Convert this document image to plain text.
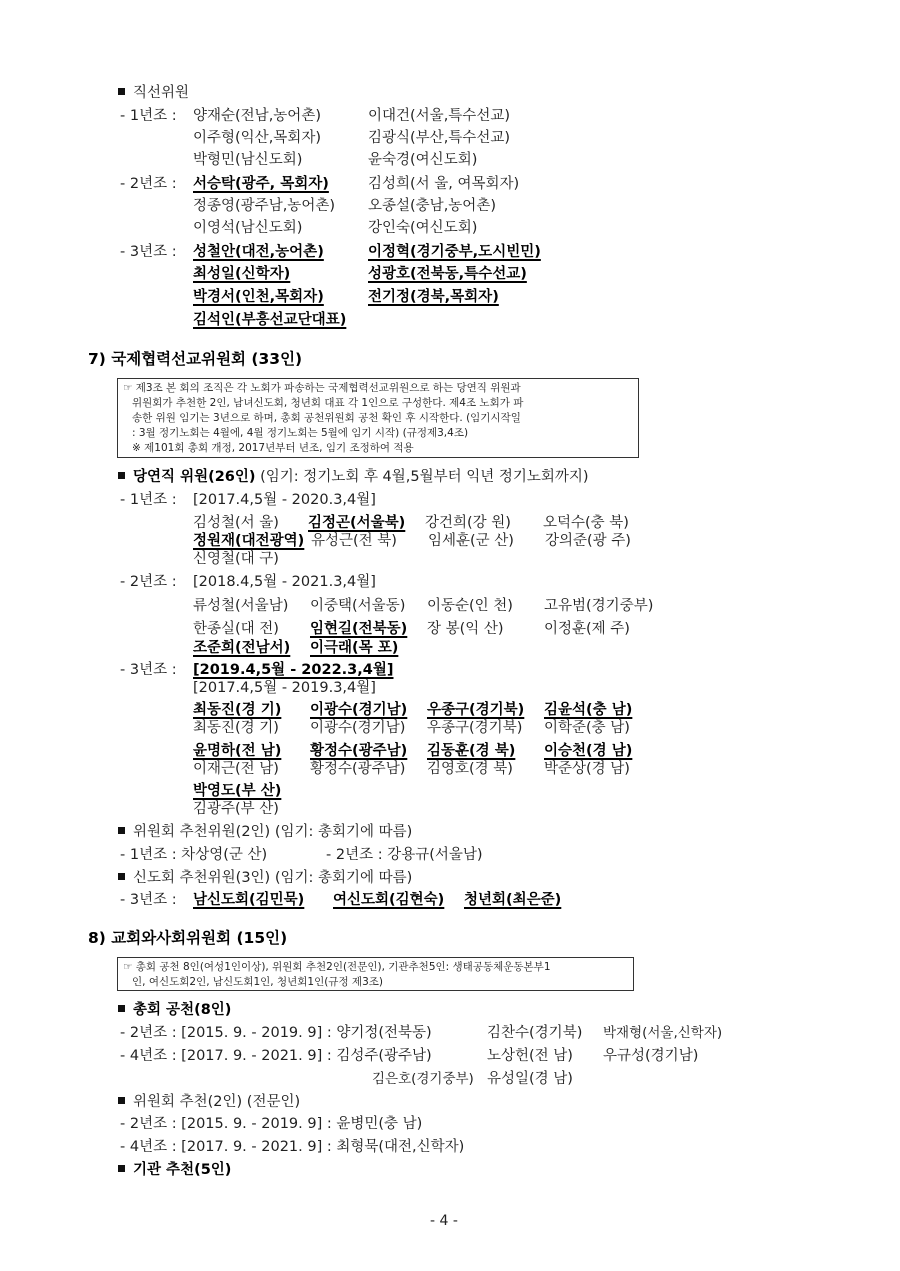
직선위원
- 1년조 : 양재순(전남,농어촌)	이대건(서울,특수선교)
이주형(익산,목회자)	김광식(부산,특수선교)
박형민(남신도회)	윤숙경(여신도회)
- 2년조 : 서승탁(광주, 목회자)	김성희(서 울, 여목회자)
정종영(광주남,농어촌) 오종설(충남,농어촌)
이영석(남신도회)	강인숙(여신도회)
- 3년조 : 성철안(대전,농어촌)	이정혁(경기중부,도시빈민)
최성일(신학자)	성광호(전북동,특수선교)
박경서(인천,목회자)	전기정(경북,목회자)
김석인(부흥선교단대표)
7) 국제협력선교위원회 (33인)
☞ 제3조 본 회의 조직은 각 노회가 파송하는 국제협력선교위원으로 하는 당연직 위원과
위원회가 추천한 2인, 남녀신도회, 청년회 대표 각 1인으로 구성한다. 제4조 노회가 파
송한 위원 임기는 3년으로 하며, 총회 공천위원회 공천 확인 후 시작한다. (임기시작일
: 3월 정기노회는 4월에, 4월 정기노회는 5월에 임기 시작) (규정제3,4조)
※ 제101회 총회 개정, 2017년부터 년조, 임기 조정하여 적용
당연직 위원(26인) (임기: 정기노회 후 4월,5월부터 익년 정기노회까지)
- 1년조 : [2017.4,5월 - 2020.3,4월]
김성철(서 울) 김정곤(서울북) 강건희(강 원) 오덕수(충 북)
정원재(대전광역) 유성근(전 북) 임세훈(군 산) 강의준(광 주)
신영철(대 구)
- 2년조 : [2018.4,5월 - 2021.3,4월]
류성철(서울남) 이중택(서울동) 이동순(인 천) 고유범(경기중부)
한종실(대 전) 임현길(전북동) 장 봉(익 산)	이정훈(제 주)
조준희(전남서) 이극래(목 포)
- 3년조 : [2019.4,5월 - 2022.3,4월]
[2017.4,5월 - 2019.3,4월]
최동진(경 기) 이광수(경기남) 우종구(경기북) 김윤석(충 남)
최동진(경 기) 이광수(경기남) 우종구(경기북) 이학준(충 남)
윤명하(전 남) 황정수(광주남) 김동훈(경 북) 이승천(경 남)
이재근(전 남) 황정수(광주남) 김영호(경 북) 박준상(경 남)
박영도(부 산)
김광주(부 산)
위원회 추천위원(2인) (임기: 총회기에 따름)
- 1년조 : 차상영(군 산)	- 2년조 : 강용규(서울남)
신도회 추천위원(3인) (임기: 총회기에 따름)
- 3년조 : 남신도회(김민묵) 여신도회(김현숙) 청년회(최은준)
8) 교회와사회위원회 (15인)
☞ 총회 공천 8인(여성1인이상), 위원회 추천2인(전문인), 기관추천5인: 생태공동체운동본부1
인, 여신도회2인, 남신도회1인, 청년회1인(규정 제3조)
총회 공천(8인)
- 2년조 : [2015. 9. - 2019. 9] : 양기정(전북동)	김찬수(경기북) 박재형(서울,신학자)
- 4년조 : [2017. 9. - 2021. 9] : 김성주(광주남)	노상헌(전 남) 우규성(경기남)
김은호(경기중부) 유성일(경 남)
위원회 추천(2인) (전문인)
- 2년조 : [2015. 9. - 2019. 9] : 윤병민(충 남)
- 4년조 : [2017. 9. - 2021. 9] : 최형묵(대전,신학자)
기관 추천(5인)
- 4 -
